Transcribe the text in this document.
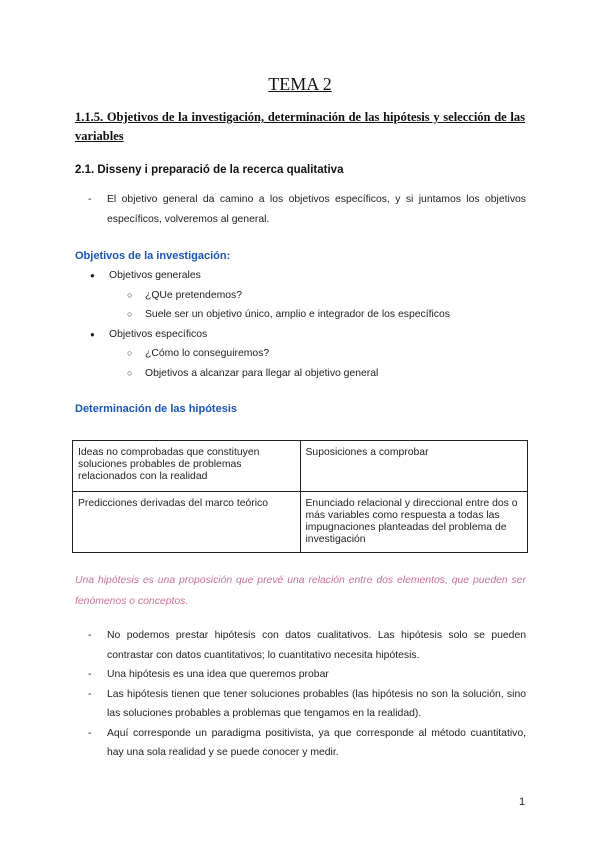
TEMA 2
1.1.5. Objetivos de la investigación, determinación de las hipótesis y selección de las variables
2.1. Disseny i preparació de la recerca qualitativa
- El objetivo general da camino a los objetivos específicos, y si juntamos los objetivos específicos, volveremos al general.
Objetivos de la investigación:
● Objetivos generales
○ ¿QUe pretendemos?
○ Suele ser un objetivo único, amplio e integrador de los específicos
● Objetivos específicos
○ ¿Cómo lo conseguiremos?
○ Objetivos a alcanzar para llegar al objetivo general
Determinación de las hipótesis
Ideas no comprobadas que constituyen soluciones probables de problemas relacionados con la realidad	Suposiciones a comprobar
Predicciones derivadas del marco teórico	Enunciado relacional y direccional entre dos o más variables como respuesta a todas las impugnaciones planteadas del problema de investigación
Una hipótesis es una proposición que prevé una relación entre dos elementos, que pueden ser fenómenos o conceptos.
- No podemos prestar hipótesis con datos cualitativos. Las hipótesis solo se pueden contrastar con datos cuantitativos; lo cuantitativo necesita hipótesis.
- Una hipótesis es una idea que queremos probar
- Las hipótesis tienen que tener soluciones probables (las hipótesis no son la solución, sino las soluciones probables a problemas que tengamos en la realidad).
- Aquí corresponde un paradigma positivista, ya que corresponde al método cuantitativo, hay una sola realidad y se puede conocer y medir.
1
